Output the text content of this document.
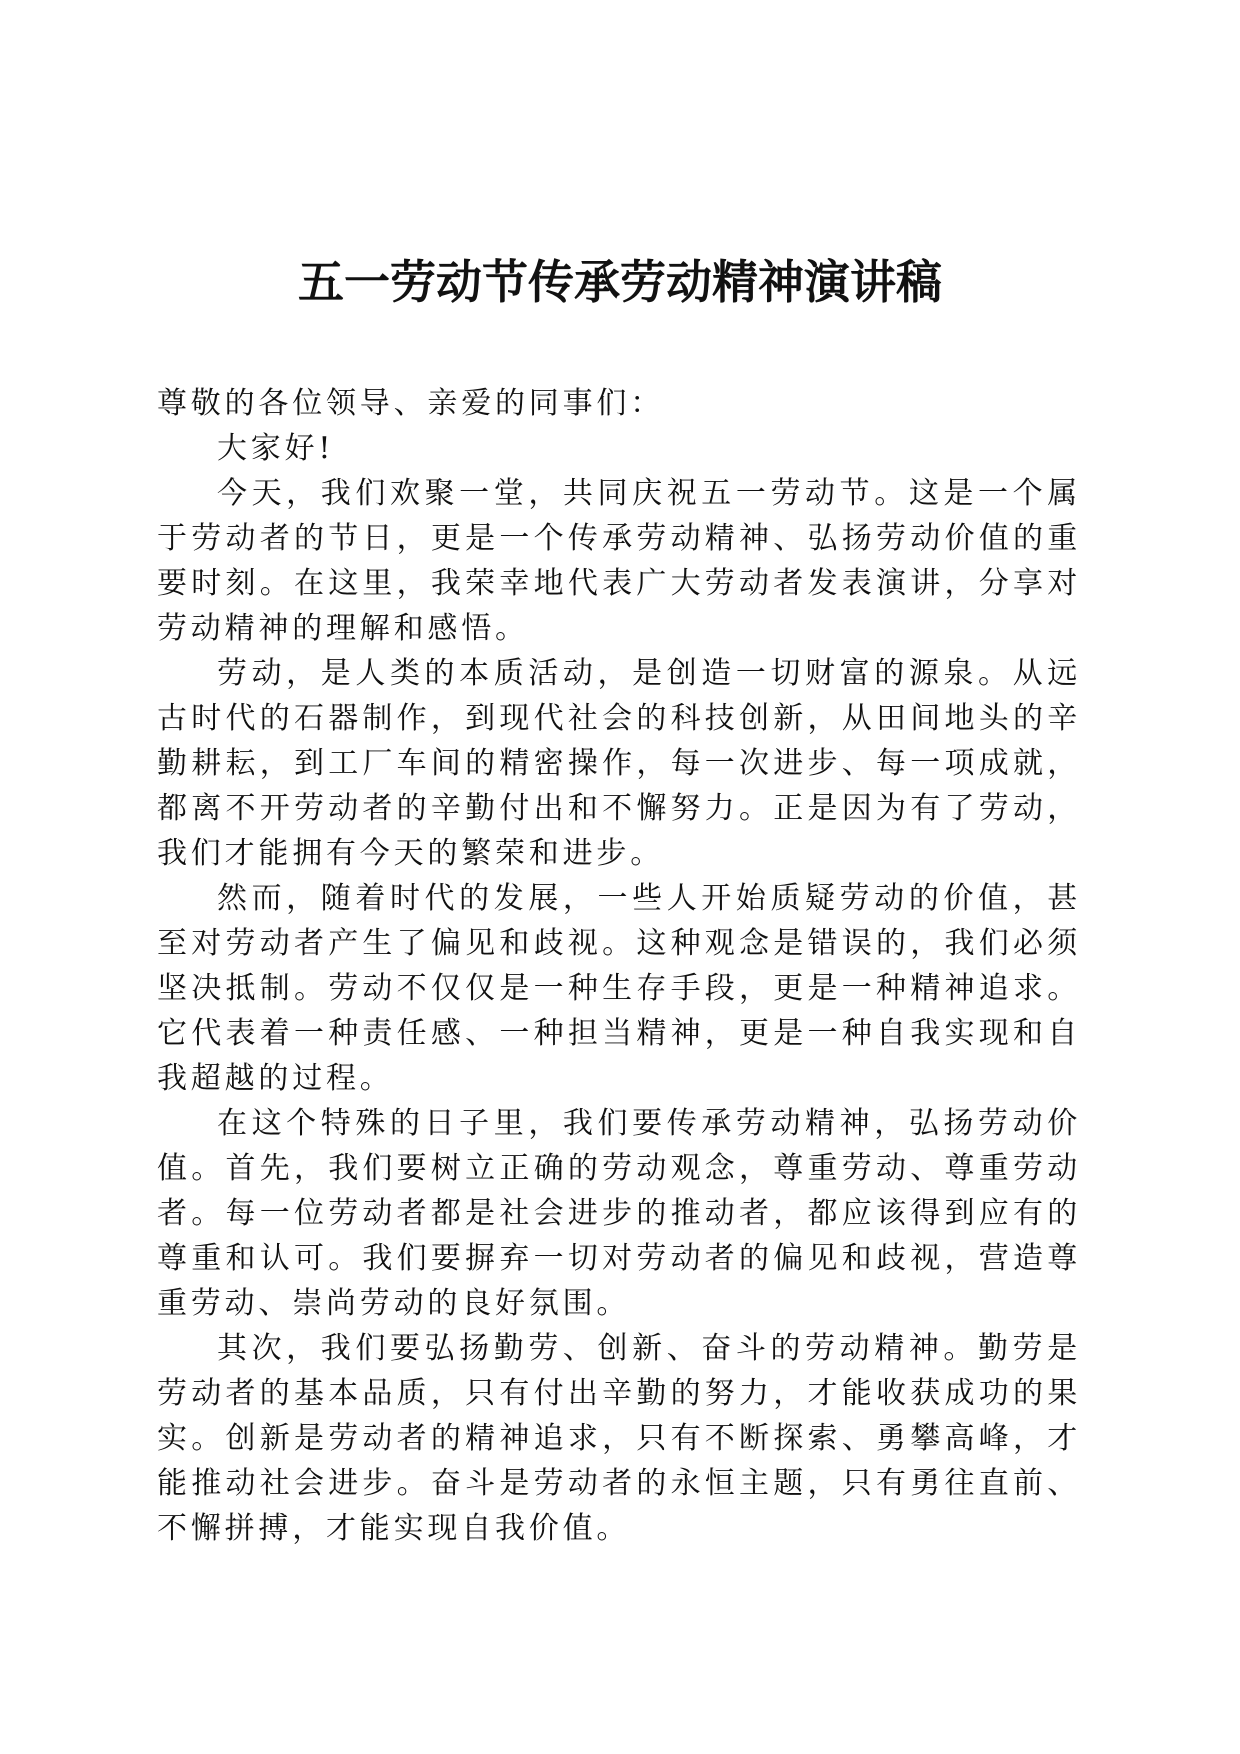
五一劳动节传承劳动精神演讲稿

尊敬的各位领导、亲爱的同事们：

大家好!

今天，我们欢聚一堂，共同庆祝五一劳动节。这是一个属于劳动者的节日，更是一个传承劳动精神、弘扬劳动价值的重要时刻。在这里，我荣幸地代表广大劳动者发表演讲，分享对劳动精神的理解和感悟。

劳动，是人类的本质活动，是创造一切财富的源泉。从远古时代的石器制作，到现代社会的科技创新，从田间地头的辛勤耕耘，到工厂车间的精密操作，每一次进步、每一项成就，都离不开劳动者的辛勤付出和不懈努力。正是因为有了劳动，我们才能拥有今天的繁荣和进步。

然而，随着时代的发展，一些人开始质疑劳动的价值，甚至对劳动者产生了偏见和歧视。这种观念是错误的，我们必须坚决抵制。劳动不仅仅是一种生存手段，更是一种精神追求。它代表着一种责任感、一种担当精神，更是一种自我实现和自我超越的过程。

在这个特殊的日子里，我们要传承劳动精神，弘扬劳动价值。首先，我们要树立正确的劳动观念，尊重劳动、尊重劳动者。每一位劳动者都是社会进步的推动者，都应该得到应有的尊重和认可。我们要摒弃一切对劳动者的偏见和歧视，营造尊重劳动、崇尚劳动的良好氛围。

其次，我们要弘扬勤劳、创新、奋斗的劳动精神。勤劳是劳动者的基本品质，只有付出辛勤的努力，才能收获成功的果实。创新是劳动者的精神追求，只有不断探索、勇攀高峰，才能推动社会进步。奋斗是劳动者的永恒主题，只有勇往直前、不懈拼搏，才能实现自我价值。
